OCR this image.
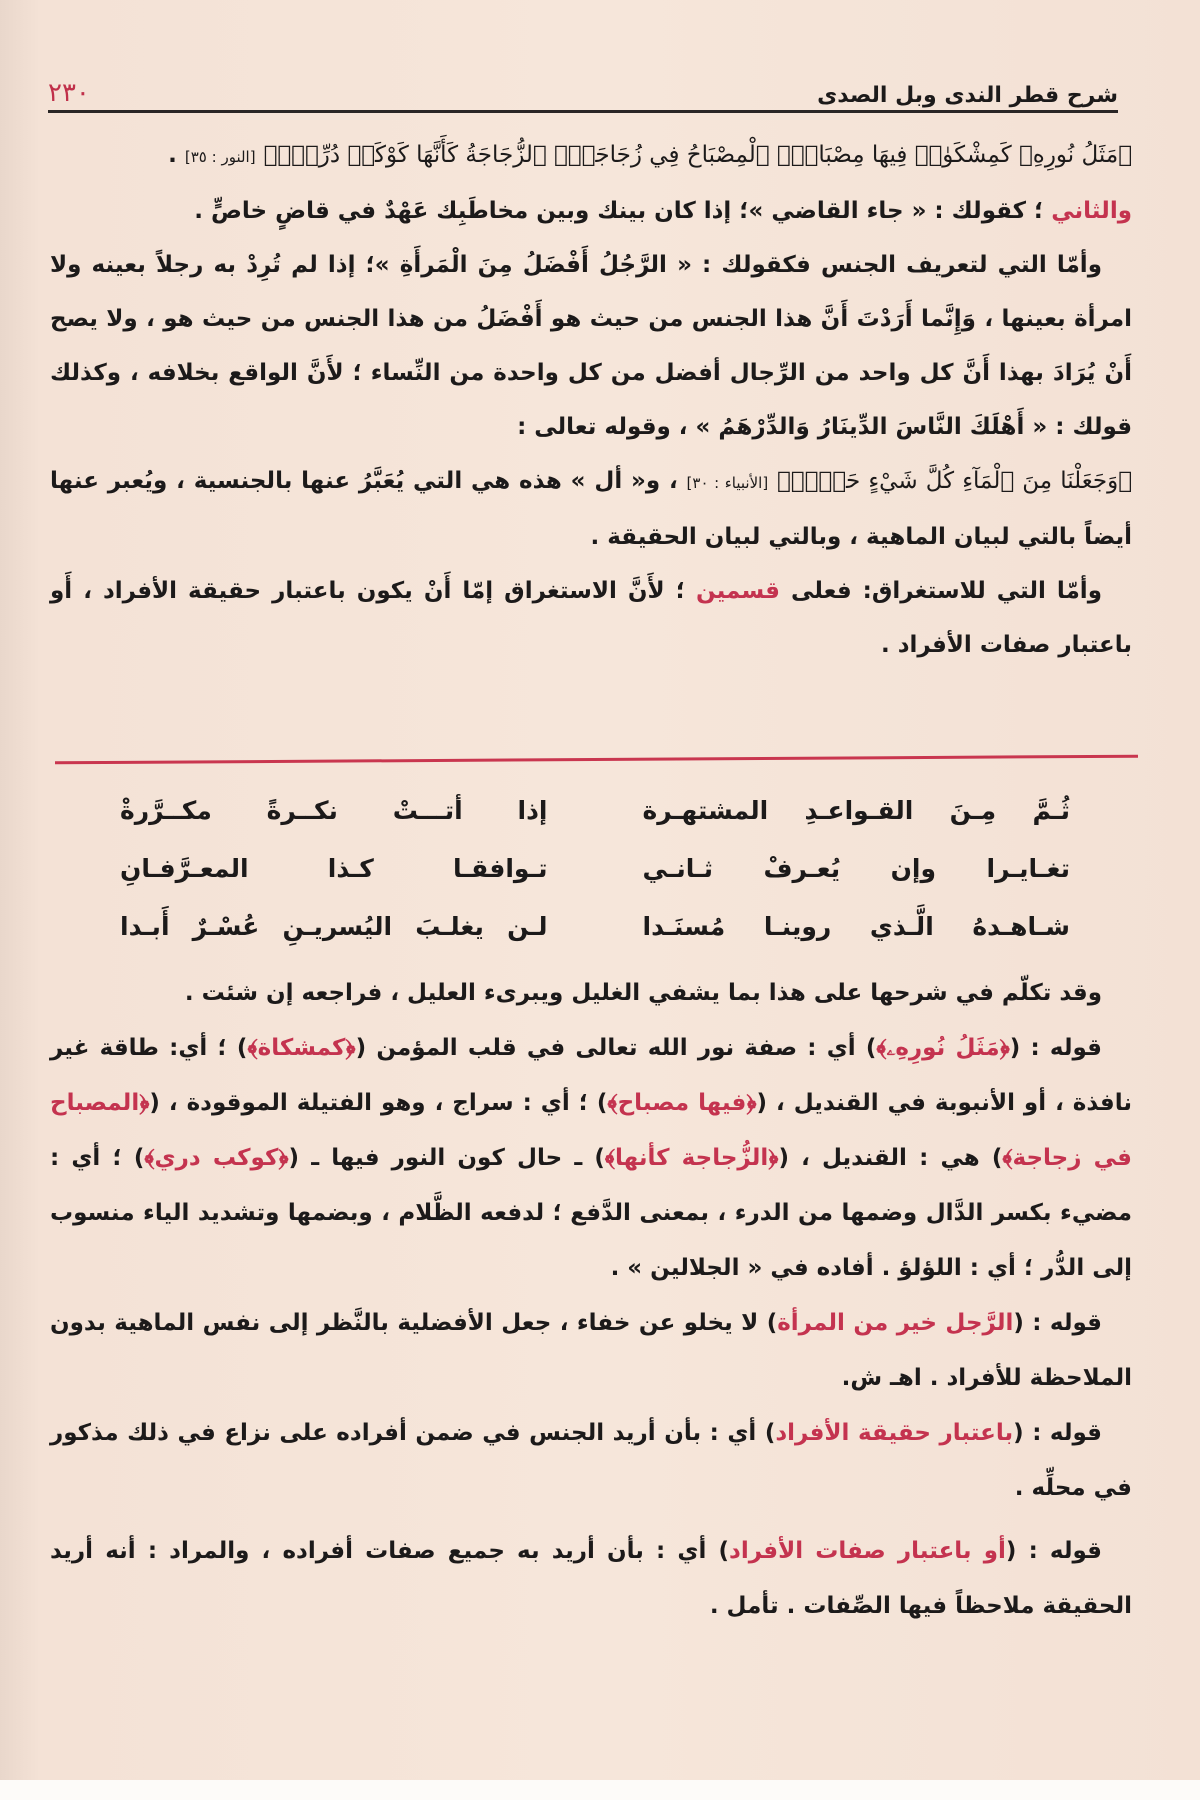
شرح قطر الندى وبل الصدى
٢٣٠

﴿مَثَلُ نُورِهِۦ كَمِشْكَوٰةٖ فِيهَا مِصْبَاحٌۖ ٱلْمِصْبَاحُ فِي زُجَاجَةٍۖ ٱلزُّجَاجَةُ كَأَنَّهَا كَوْكَبٞ دُرِّيّٞ﴾ [النور : ٣٥] .

والثاني ؛ كقولك : « جاء القاضي »؛ إذا كان بينك وبين مخاطَبِك عَهْدٌ في قاضٍ خاصٍّ .

وأمّا التي لتعريف الجنس فكقولك : « الرَّجُلُ أَفْضَلُ مِنَ الْمَرأَةِ »؛ إذا لم تُرِدْ به رجلاً بعينه ولا امرأة بعينها ، وَإِنَّما أَرَدْتَ أَنَّ هذا الجنس من حيث هو أَفْضَلُ من هذا الجنس من حيث هو ، ولا يصح أَنْ يُرَادَ بهذا أَنَّ كل واحد من الرِّجال أفضل من كل واحدة من النِّساء ؛ لأَنَّ الواقع بخلافه ، وكذلك قولك : « أَهْلَكَ النَّاسَ الدِّينَارُ وَالدِّرْهَمُ » ، وقوله تعالى :

﴿وَجَعَلْنَا مِنَ ٱلْمَآءِ كُلَّ شَيْءٍ حَيٍّۚ﴾ [الأنبياء : ٣٠] ، و« أل » هذه هي التي يُعَبَّرُ عنها بالجنسية ، ويُعبر عنها أيضاً بالتي لبيان الماهية ، وبالتي لبيان الحقيقة .

وأمّا التي للاستغراق: فعلى قسمين ؛ لأَنَّ الاستغراق إمّا أَنْ يكون باعتبار حقيقة الأفراد ، أَو باعتبار صفات الأفراد .

ثُـمَّ مِـنَ القـواعـدِ المشتهـرة
إذا أتـــتْ نكــرةً مكــرَّرةْ
تغـايـرا وإن يُعـرفْ ثـانـي
تـوافقـا كـذا المعـرَّفـانِ
شـاهـدهُ الَّـذي روينـا مُسنَـدا
لـن يغلـبَ اليُسريـنِ عُسْـرٌ أَبـدا

وقد تكلّم في شرحها على هذا بما يشفي الغليل ويبرىء العليل ، فراجعه إن شئت .

قوله : (﴿مَثَلُ نُورِهِۦ﴾) أي : صفة نور الله تعالى في قلب المؤمن (﴿كمشكاة﴾) ؛ أي: طاقة غير نافذة ، أو الأنبوبة في القنديل ، (﴿فيها مصباح﴾) ؛ أي : سراج ، وهو الفتيلة الموقودة ، (﴿المصباح في زجاجة﴾) هي : القنديل ، (﴿الزُّجاجة كأنها﴾) ـ حال كون النور فيها ـ (﴿كوكب دري﴾) ؛ أي : مضيء بكسر الدَّال وضمها من الدرء ، بمعنى الدَّفع ؛ لدفعه الظَّلام ، وبضمها وتشديد الياء منسوب إلى الدُّر ؛ أي : اللؤلؤ . أفاده في « الجلالين » .

قوله : (الرَّجل خير من المرأة) لا يخلو عن خفاء ، جعل الأفضلية بالنَّظر إلى نفس الماهية بدون الملاحظة للأفراد . اهـ ش.

قوله : (باعتبار حقيقة الأفراد) أي : بأن أريد الجنس في ضمن أفراده على نزاع في ذلك مذكور في محلِّه .

قوله : (أو باعتبار صفات الأفراد) أي : بأن أريد به جميع صفات أفراده ، والمراد : أنه أريد الحقيقة ملاحظاً فيها الصِّفات . تأمل .
